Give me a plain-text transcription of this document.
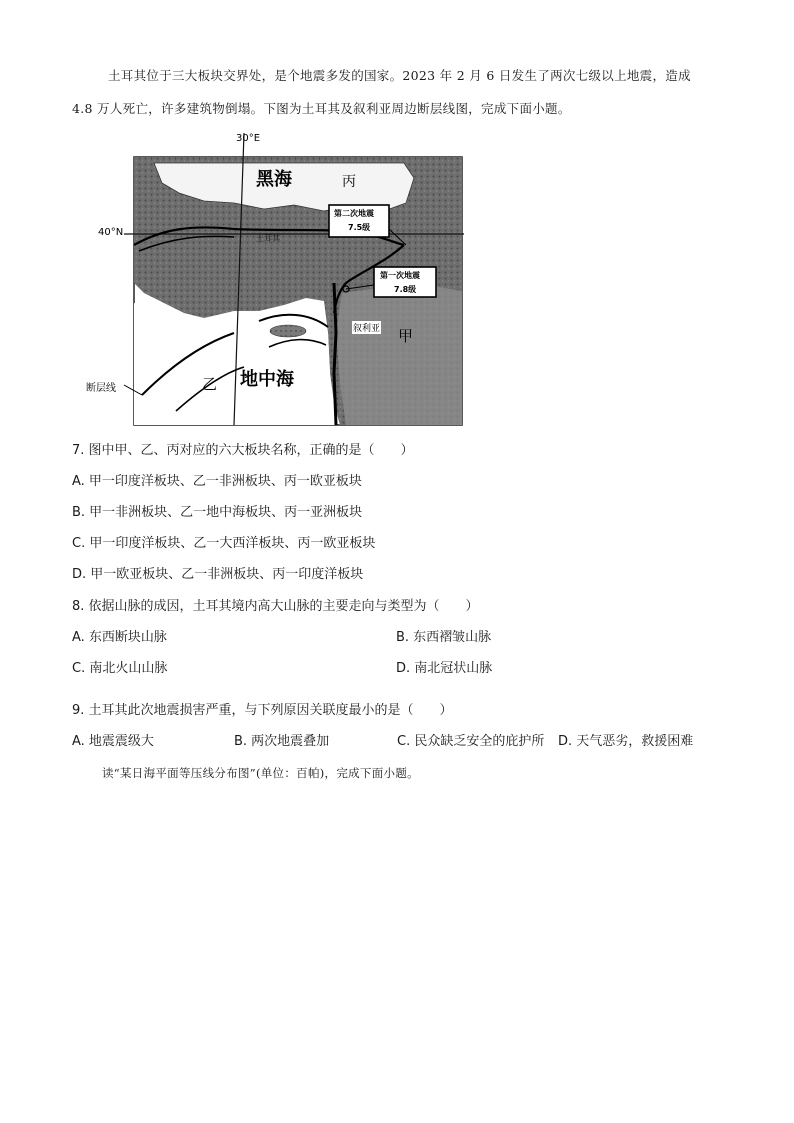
土耳其位于三大板块交界处，是个地震多发的国家。2023 年 2 月 6 日发生了两次七级以上地震，造成
4.8 万人死亡，许多建筑物倒塌。下图为土耳其及叙利亚周边断层线图，完成下面小题。
30°E
40°N
断层线
黑海	丙
土耳其
第二次地震
7.5级
第一次地震
7.8级
叙利亚 甲
乙 地中海
7. 图中甲、乙、丙对应的六大板块名称，正确的是（　　）
A. 甲一印度洋板块、乙一非洲板块、丙一欧亚板块
B. 甲一非洲板块、乙一地中海板块、丙一亚洲板块
C. 甲一印度洋板块、乙一大西洋板块、丙一欧亚板块
D. 甲一欧亚板块、乙一非洲板块、丙一印度洋板块
8. 依据山脉的成因，土耳其境内高大山脉的主要走向与类型为（　　）
A. 东西断块山脉	B. 东西褶皱山脉
C. 南北火山山脉	D. 南北冠状山脉
9. 土耳其此次地震损害严重，与下列原因关联度最小的是（　　）
A. 地震震级大	B. 两次地震叠加	C. 民众缺乏安全的庇护所 D. 天气恶劣，救援困难
读“某日海平面等压线分布图”(单位：百帕)，完成下面小题。
